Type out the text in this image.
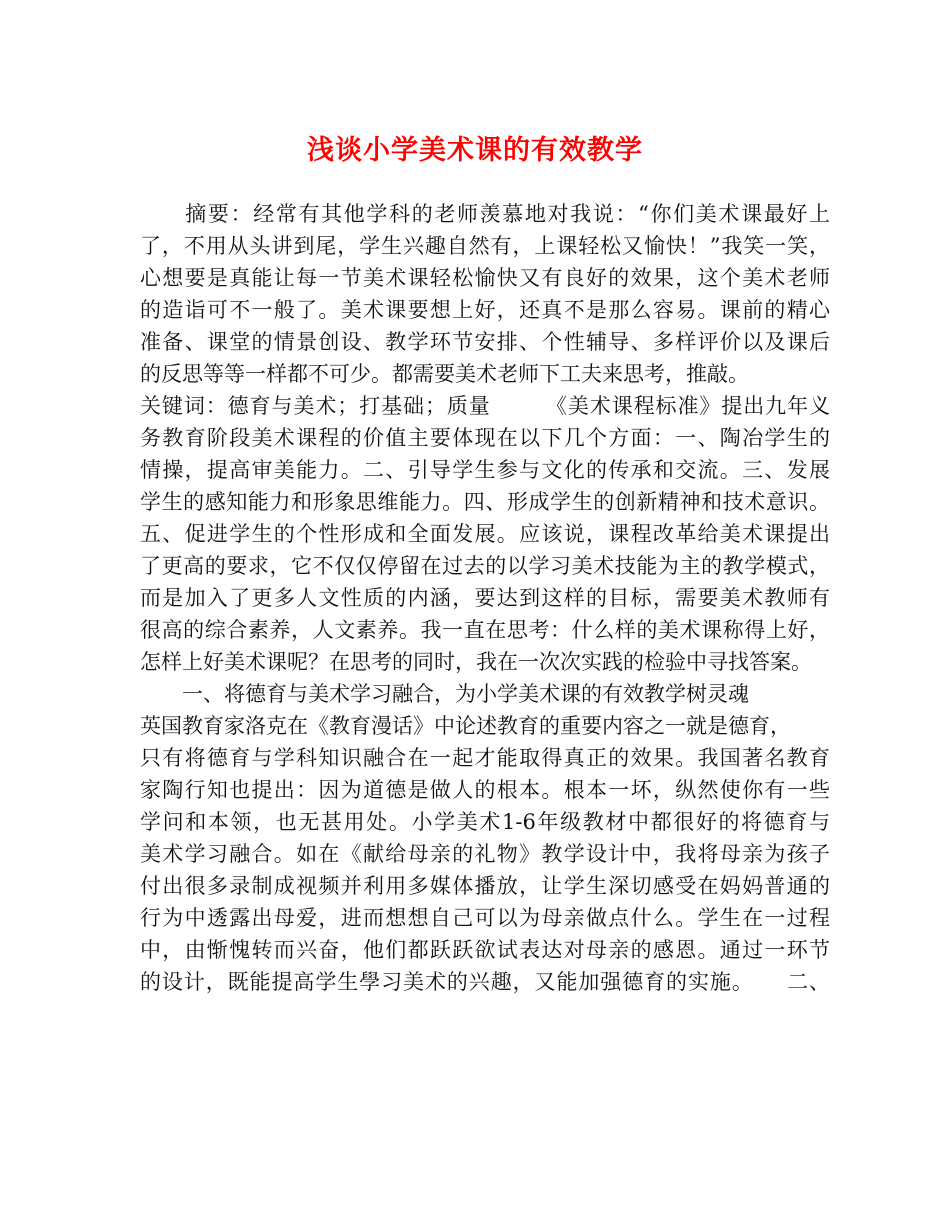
浅谈小学美术课的有效教学
　　摘要：经常有其他学科的老师羡慕地对我说：“你们美术课最好上
了，不用从头讲到尾，学生兴趣自然有，上课轻松又愉快！”我笑一笑，
心想要是真能让每一节美术课轻松愉快又有良好的效果，这个美术老师
的造诣可不一般了。美术课要想上好，还真不是那么容易。课前的精心
准备、课堂的情景创设、教学环节安排、个性辅导、多样评价以及课后
的反思等等一样都不可少。都需要美术老师下工夫来思考，推敲。
关键词：德育与美术；打基础；质量　　　《美术课程标准》提出九年义
务教育阶段美术课程的价值主要体现在以下几个方面：一、陶冶学生的
情操，提高审美能力。二、引导学生参与文化的传承和交流。三、发展
学生的感知能力和形象思维能力。四、形成学生的创新精神和技术意识。
五、促进学生的个性形成和全面发展。应该说，课程改革给美术课提出
了更高的要求，它不仅仅停留在过去的以学习美术技能为主的教学模式，
而是加入了更多人文性质的内涵，要达到这样的目标，需要美术教师有
很高的综合素养，人文素养。我一直在思考：什么样的美术课称得上好，
怎样上好美术课呢？在思考的同时，我在一次次实践的检验中寻找答案。
　　一、将德育与美术学习融合，为小学美术课的有效教学树灵魂
英国教育家洛克在《教育漫话》中论述教育的重要内容之一就是德育，
只有将德育与学科知识融合在一起才能取得真正的效果。我国著名教育
家陶行知也提出：因为道德是做人的根本。根本一坏，纵然使你有一些
学问和本领，也无甚用处。小学美术1-6年级教材中都很好的将德育与
美术学习融合。如在《献给母亲的礼物》教学设计中，我将母亲为孩子
付出很多录制成视频并利用多媒体播放，让学生深切感受在妈妈普通的
行为中透露出母爱，进而想想自己可以为母亲做点什么。学生在一过程
中，由惭愧转而兴奋，他们都跃跃欲试表达对母亲的感恩。通过一环节
的设计，既能提高学生學习美术的兴趣，又能加强德育的实施。　　二、
